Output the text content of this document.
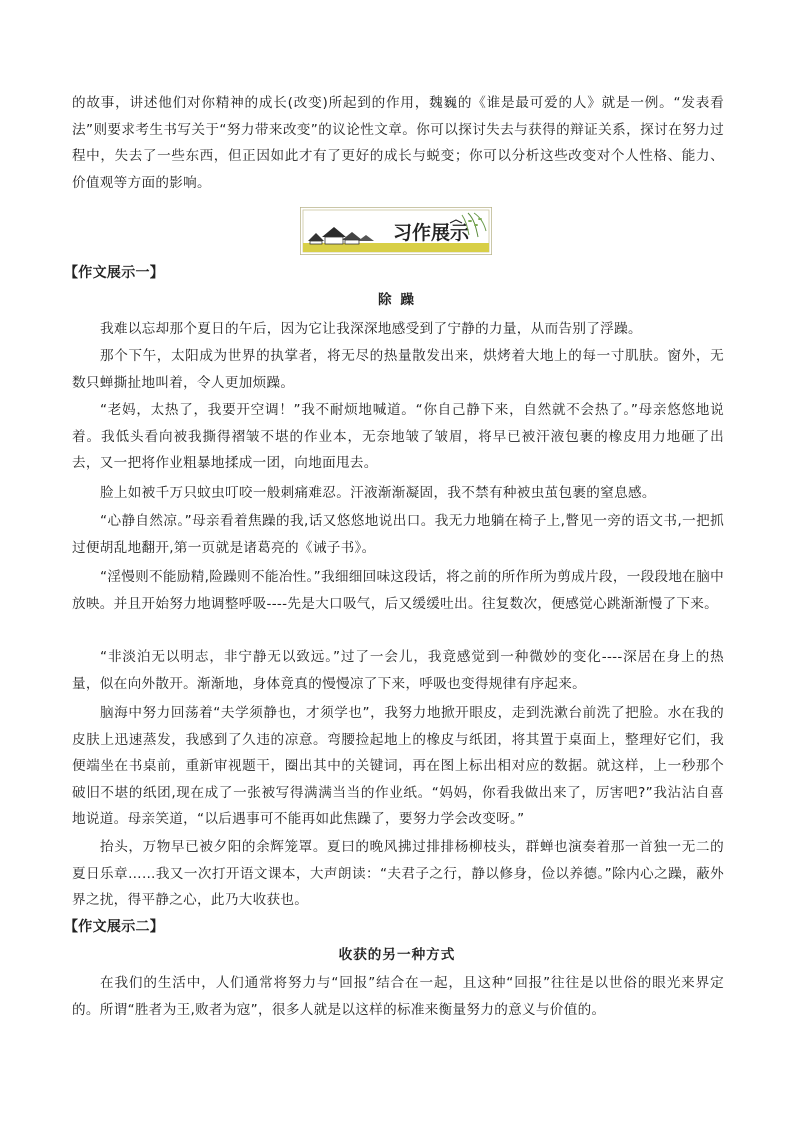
的故事，讲述他们对你精神的成长(改变)所起到的作用，魏巍的《谁是最可爱的人》就是一例。“发表看法”则要求考生书写关于“努力带来改变”的议论性文章。你可以探讨失去与获得的辩证关系，探讨在努力过程中，失去了一些东西，但正因如此才有了更好的成长与蜕变；你可以分析这些改变对个人性格、能力、价值观等方面的影响。

习作展示
【作文展示一】
除 躁

我难以忘却那个夏日的午后，因为它让我深深地感受到了宁静的力量，从而告别了浮躁。

那个下午，太阳成为世界的执掌者，将无尽的热量散发出来，烘烤着大地上的每一寸肌肤。窗外，无数只蝉撕扯地叫着，令人更加烦躁。

“老妈，太热了，我要开空调！”我不耐烦地喊道。“你自己静下来，自然就不会热了。”母亲悠悠地说着。我低头看向被我撕得褶皱不堪的作业本，无奈地皱了皱眉，将早已被汗液包裹的橡皮用力地砸了出去，又一把将作业粗暴地揉成一团，向地面甩去。

脸上如被千万只蚊虫叮咬一般刺痛难忍。汗液渐渐凝固，我不禁有种被虫茧包裹的窒息感。

“心静自然凉。”母亲看着焦躁的我,话又悠悠地说出口。我无力地躺在椅子上,瞥见一旁的语文书,一把抓过便胡乱地翻开,第一页就是诸葛亮的《诫子书》。

“淫慢则不能励精,险躁则不能冶性。”我细细回味这段话，将之前的所作所为剪成片段，一段段地在脑中放映。并且开始努力地调整呼吸----先是大口吸气，后又缓缓吐出。往复数次，便感觉心跳渐渐慢了下来。

“非淡泊无以明志，非宁静无以致远。”过了一会儿，我竟感觉到一种微妙的变化----深居在身上的热量，似在向外散开。渐渐地，身体竟真的慢慢凉了下来，呼吸也变得规律有序起来。

脑海中努力回荡着“夫学须静也，才须学也”，我努力地掀开眼皮，走到洗漱台前洗了把脸。水在我的皮肤上迅速蒸发，我感到了久违的凉意。弯腰捡起地上的橡皮与纸团，将其置于桌面上，整理好它们，我便端坐在书桌前，重新审视题干，圈出其中的关键词，再在图上标出相对应的数据。就这样，上一秒那个破旧不堪的纸团,现在成了一张被写得满满当当的作业纸。“妈妈，你看我做出来了，厉害吧?”我沾沾自喜地说道。母亲笑道，“以后遇事可不能再如此焦躁了，要努力学会改变呀。”

抬头，万物早已被夕阳的余辉笼罩。夏曰的晚风拂过排排杨柳枝头，群蝉也演奏着那一首独一无二的夏日乐章……我又一次打开语文课本，大声朗读：“夫君子之行，静以修身，俭以养德。”除内心之躁，蔽外界之扰，得平静之心，此乃大收获也。

【作文展示二】
收获的另一种方式

在我们的生活中，人们通常将努力与“回报”结合在一起，且这种“回报”往往是以世俗的眼光来界定的。所谓“胜者为王,败者为寇”，很多人就是以这样的标准来衡量努力的意义与价值的。
